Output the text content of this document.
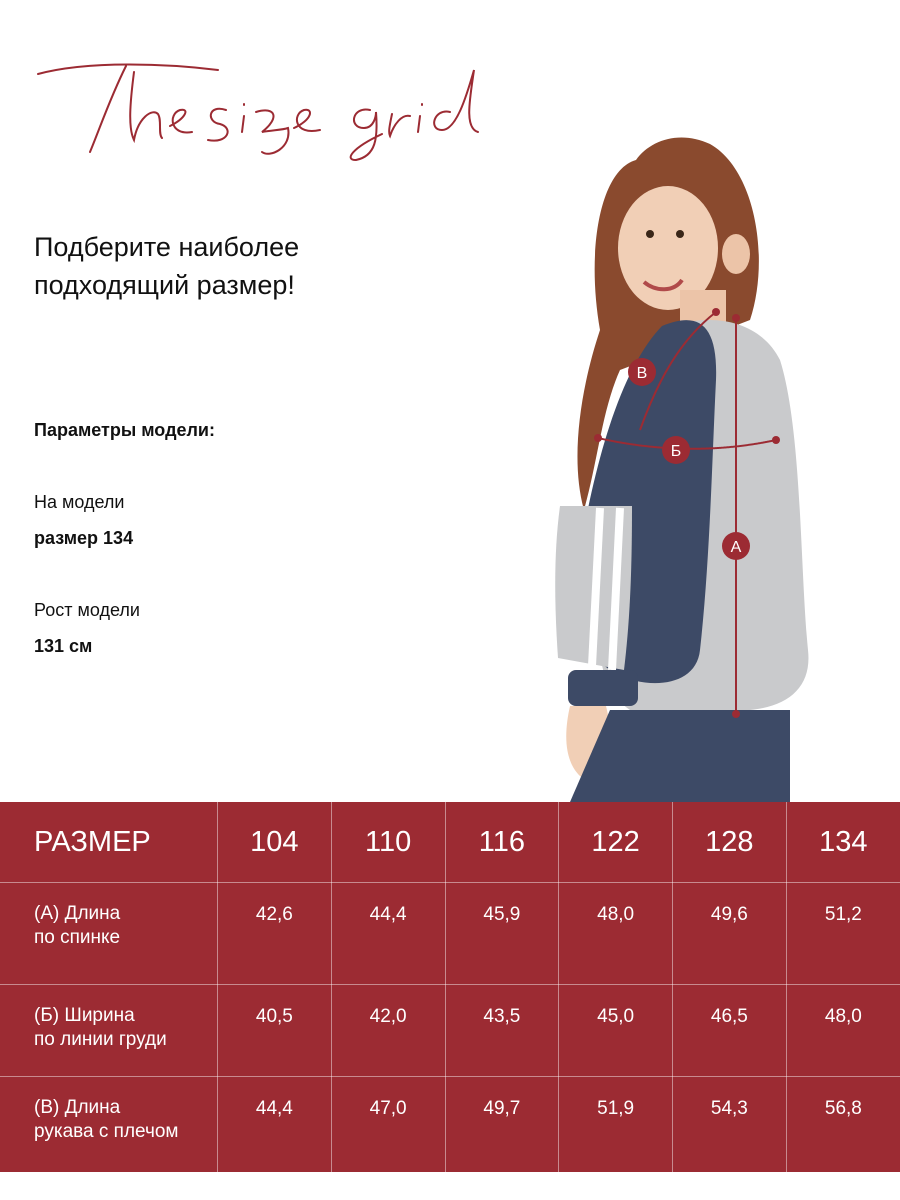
Подберите наиболее
подходящий размер!
Параметры модели:
На модели
размер 134
Рост модели
131 см
В
Б
А
РАЗМЕР	104	110	116	122	128	134

(А) Длина
по спинке	42,6	44,4	45,9	48,0	49,6	51,2

(Б) Ширина
по линии груди	40,5	42,0	43,5	45,0	46,5	48,0

(В) Длина
рукава с плечом	44,4	47,0	49,7	51,9	54,3	56,8
